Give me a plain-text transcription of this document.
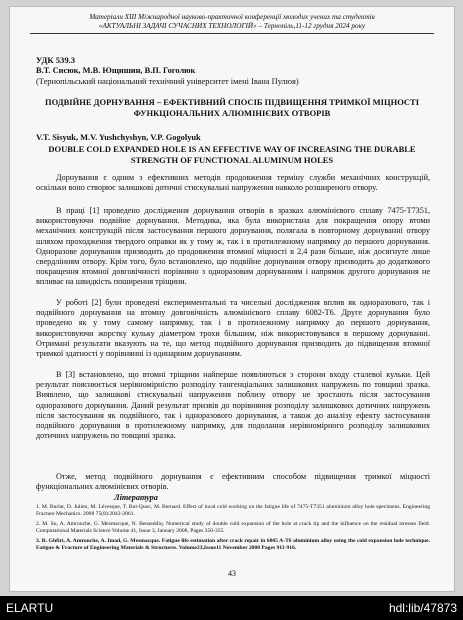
Матеріали XIII Міжнародної науково-практичної конференції молодих учених та студентів
«АКТУАЛЬНІ ЗАДАЧІ СУЧАСНИХ ТЕХНОЛОГІЙ» – Тернопіль,11-12 грудня 2024 року
УДК 539.3
В.Т. Сисюк, М.В. Ющишин, В.П. Гоголюк
(Тернопільський національний технічний університет імені Івана Пулюя)
ПОДВІЙНЕ ДОРНУВАННЯ – ЕФЕКТИВНИЙ СПОСІБ ПІДВИЩЕННЯ ТРИМКОЇ МІЦНОСТІ ФУНКЦІОНАЛЬНИХ АЛЮМІНІЄВИХ ОТВОРІВ
V.T. Sisyuk, M.V. Yushchyshyn, V.P. Gogolyuk
DOUBLE COLD EXPANDED HOLE IS AN EFFECTIVE WAY OF INCREASING THE DURABLE STRENGTH OF FUNCTIONAL ALUMINUM HOLES

Дорнування є одним з ефективних методів продовження терміну служби механічних конструкцій, оскільки воно створює залишкові дотичні стискувальні напруження навколо розширеного отвору.

В праці [1] проведено дослідження дорнування отворів в зразках алюмінієвого сплаву 7475-T7351, використовуючи подвійне дорнування. Методика, яка була використана для покращення опору втоми механічних конструкцій після застосування першого дорнування, полягала в повторному дорнуванні отвору шляхом проходження твердого оправки як у тому ж, так і в протилежному напрямку до першого дорнування. Одноразове дорнування призводить до продовження втомної міцності в 2,4 рази більше, ніж досягнуте лише свердлінням отвору. Крім того, було встановлено, що подвійне дорнування отвору призводить до додаткового покращення втомної довговічності порівняно з одноразовим дорнуванням і напрямок другого дорнування не впливає на швидкість поширення тріщини.

У роботі [2] були проведені експериментальні та чисельні дослідження вплив як одноразового, так і подвійного дорнування на втомну довговічність алюмінієвого сплаву 6082-T6. Друге дорнування було проведено як у тому самому напрямку, так і в протилежному напрямку до першого дорнування, використовуючи жорстку кульку діаметром трохи більшим, ніж використовувався в першому дорнуванні. Отримані результати вказують на те, що метод подвійного дорнування призводить до підвищення втомної тримкої здатності у порівнянні із одинарним дорнуванням.

В [3] встановлено, що втомні тріщини найперше появляються з сторони входу сталевої кульки. Цей результат пояснюється нерівномірністю розподілу тангенціальних залишкових напружень по товщині зразка. Виявлено, що залишкові стискувальні напруження поблизу отвору не зростають після застосування одноразового дорнування. Даний результат призвів до порівняння розподілу залишкових дотичних напружень після застосування як подвійного, так і одноразового дорнування, а також до аналізу ефекту застосування подвійного дорнування в протилежному напрямку, для подолання нерівномірного розподілу залишкових дотичних напружень по товщині зразка.

Отже, метод подвійного дорнування є ефективним способом підвищення тримкої міцності функціональних алюмінієвих отворів.

Література
1. M. Burlat, D. Julien, M. Lévesque, T. Bui-Quoc, M. Bernard. Effect of local cold working on the fatigue life of 7475-T7351 aluminium alloy hole specimens. Engineering Fracture Mechanics. 2008 75(8):2042-2061.
2. M. Su, A. Amrouche, G. Mesmacque, N. Benseddiq. Numerical study of double cold expansion of the hole at crack tip and the influence on the residual stresses field. Computational Materials Science Volume 41, Issue 3, January 2008, Pages 350-355.
3. R. Ghfiri, A. Amrouche, A. Imad, G. Mesmacque. Fatigue life estimation after crack repair in 6005 A-T6 aluminium alloy using the cold expansion hole technique. Fatigue & Fracture of Engineering Materials & Structures. Volume23,Issue11 November 2000 Pages 911-916.
43
ELARTU	hdl:lib/47873
